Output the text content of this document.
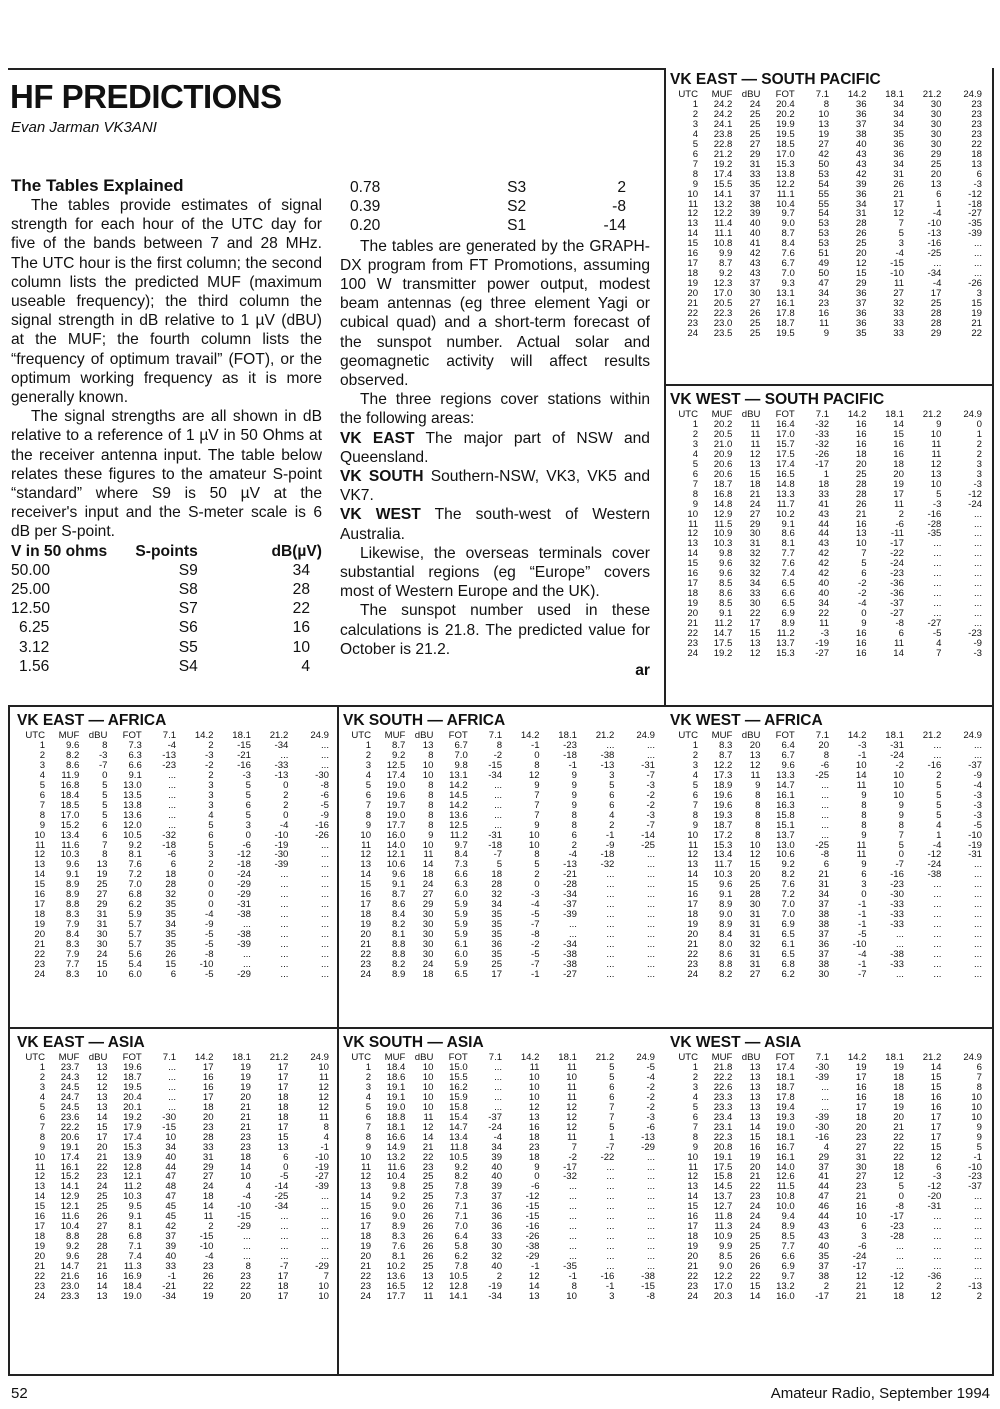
HF PREDICTIONS
Evan Jarman VK3ANI
The Tables Explained

The tables provide estimates of signal strength for each hour of the UTC day for five of the bands between 7 and 28 MHz. The UTC hour is the first column; the second column lists the predicted MUF (maximum useable frequency); the third column the signal strength in dB relative to 1 µV (dBU) at the MUF; the fourth column lists the “frequency of optimum travail” (FOT), or the optimum working frequency as it is more generally known.

The signal strengths are all shown in dB relative to a reference of 1 µV in 50 Ohms at the receiver antenna input. The table below relates these figures to the amateur S-point “standard” where S9 is 50 µV at the receiver's input and the S-meter scale is 6 dB per S-point.

V in 50 ohms	S-points	dB(µV)
50.00	S9	34
25.00	S8	28
12.50	S7	22
6.25	S6	16
3.12	S5	10
1.56	S4	4
0.78	S3	2
0.39	S2	-8
0.20	S1	-14

The tables are generated by the GRAPH-DX program from FT Promotions, assuming 100 W transmitter power output, modest beam antennas (eg three element Yagi or cubical quad) and a short-term forecast of the sunspot number. Actual solar and geomagnetic activity will affect results observed.

The three regions cover stations within the following areas:

VK EAST The major part of NSW and Queensland.

VK SOUTH Southern-NSW, VK3, VK5 and VK7.

VK WEST The south-west of Western Australia.

Likewise, the overseas terminals cover substantial regions (eg “Europe” covers most of Western Europe and the UK).

The sunspot number used in these calculations is 21.8. The predicted value for October is 21.2.

ar

VK EAST — SOUTH PACIFIC
UTC	MUF	dBU	FOT	7.1	14.2	18.1	21.2	24.9
1	24.2	24	20.4	8	36	34	30	23
2	24.2	25	20.2	10	36	34	30	23
3	24.1	25	19.9	13	37	34	30	23
4	23.8	25	19.5	19	38	35	30	23
5	22.8	27	18.5	27	40	36	30	22
6	21.2	29	17.0	42	43	36	29	18
7	19.2	31	15.3	50	43	34	25	13
8	17.4	33	13.8	53	42	31	20	6
9	15.5	35	12.2	54	39	26	13	-3
10	14.1	37	11.1	55	36	21	6	-12
11	13.2	38	10.4	55	34	17	1	-18
12	12.2	39	9.7	54	31	12	-4	-27
13	11.4	40	9.0	53	28	7	-10	-35
14	11.1	40	8.7	53	26	5	-13	-39
15	10.8	41	8.4	53	25	3	-16	...
16	9.9	42	7.6	51	20	-4	-25	...
17	8.7	43	6.7	49	12	-15	...	...
18	9.2	43	7.0	50	15	-10	-34	...
19	12.3	37	9.3	47	29	11	-4	-26
20	17.0	30	13.1	34	36	27	17	3
21	20.5	27	16.1	23	37	32	25	15
22	22.3	26	17.8	16	36	33	28	19
23	23.0	25	18.7	11	36	33	28	21
24	23.5	25	19.5	9	35	33	29	22
VK WEST — SOUTH PACIFIC
UTC	MUF	dBU	FOT	7.1	14.2	18.1	21.2	24.9
1	20.2	11	16.4	-32	16	14	9	0
2	20.5	11	17.0	-33	16	15	10	1
3	21.0	11	15.7	-32	16	16	11	2
4	20.9	12	17.5	-26	18	16	11	2
5	20.6	13	17.4	-17	20	18	12	3
6	20.6	15	16.5	1	25	20	13	3
7	18.7	18	14.8	18	28	19	10	-3
8	16.8	21	13.3	33	28	17	5	-12
9	14.8	24	11.7	41	26	11	-3	-24
10	12.9	27	10.2	43	21	2	-16	...
11	11.5	29	9.1	44	16	-6	-28	...
12	10.9	30	8.6	44	13	-11	-35	...
13	10.3	31	8.1	43	10	-17	...	...
14	9.8	32	7.7	42	7	-22	...	...
15	9.6	32	7.6	42	5	-24	...	...
16	9.6	32	7.4	42	6	-23	...	...
17	8.5	34	6.5	40	-2	-36	...	...
18	8.6	33	6.6	40	-2	-36	...	...
19	8.5	30	6.5	34	-4	-37	...	...
20	9.1	22	6.9	22	0	-27	...	...
21	11.2	17	8.9	11	9	-8	-27	...
22	14.7	15	11.2	-3	16	6	-5	-23
23	17.5	13	13.7	-19	16	11	4	-9
24	19.2	12	15.3	-27	16	14	7	-3
VK EAST — AFRICA
UTC	MUF	dBU	FOT	7.1	14.2	18.1	21.2	24.9
1	9.6	8	7.3	-4	2	-15	-34	...
2	8.2	-3	6.3	-13	-3	-21	...	...
3	8.6	-7	6.6	-23	-2	-16	-33	...
4	11.9	0	9.1	...	2	-3	-13	-30
5	16.8	5	13.0	...	3	5	0	-8
6	18.4	5	13.5	...	3	5	2	-6
7	18.5	5	13.8	...	3	6	2	-5
8	17.0	5	13.6	...	4	5	0	-9
9	15.2	6	12.0	...	5	3	-4	-16
10	13.4	6	10.5	-32	6	0	-10	-26
11	11.6	7	9.2	-18	5	-6	-19	...
12	10.3	8	8.1	-6	3	-12	-30	...
13	9.6	13	7.6	6	2	-18	-39	...
14	9.1	19	7.2	18	0	-24	...	...
15	8.9	25	7.0	28	0	-29	...	...
16	8.9	27	6.8	32	0	-29	...	...
17	8.8	29	6.2	35	0	-31	...	...
18	8.3	31	5.9	35	-4	-38	...	...
19	7.9	31	5.7	34	-9	...	...	...
20	8.4	30	5.7	35	-5	-38	...	...
21	8.3	30	5.7	35	-5	-39	...	...
22	7.9	24	5.6	26	-8	...	...	...
23	7.7	15	5.4	15	-10	...	...	...
24	8.3	10	6.0	6	-5	-29	...	...
VK SOUTH — AFRICA
UTC	MUF	dBU	FOT	7.1	14.2	18.1	21.2	24.9
1	8.7	13	6.7	8	-1	-23	...	...
2	9.2	8	7.0	-2	0	-18	-38	...
3	12.5	10	9.8	-15	8	-1	-13	-31
4	17.4	10	13.1	-34	12	9	3	-7
5	19.0	8	14.2	...	9	9	5	-3
6	19.6	8	14.5	...	7	9	6	-2
7	19.7	8	14.2	...	7	9	6	-2
8	19.0	8	13.6	...	7	8	4	-3
9	17.7	8	12.5	...	9	8	2	-7
10	16.0	9	11.2	-31	10	6	-1	-14
11	14.0	10	9.7	-18	10	2	-9	-25
12	12.1	11	8.4	-7	8	-4	-18	...
13	10.6	14	7.3	5	5	-13	-32	...
14	9.6	18	6.6	18	2	-21	...	...
15	9.1	24	6.3	28	0	-28	...	...
16	8.7	27	6.0	32	-3	-34	...	...
17	8.6	29	5.9	34	-4	-37	...	...
18	8.4	30	5.9	35	-5	-39	...	...
19	8.2	30	5.9	35	-7	...	...	...
20	8.1	30	5.9	35	-8	...	...	...
21	8.8	30	6.1	36	-2	-34	...	...
22	8.8	30	6.0	35	-5	-38	...	...
23	8.2	24	5.9	25	-7	-38	...	...
24	8.9	18	6.5	17	-1	-27	...	...
VK WEST — AFRICA
UTC	MUF	dBU	FOT	7.1	14.2	18.1	21.2	24.9
1	8.3	20	6.4	20	-3	-31	...	...
2	8.7	13	6.7	8	-1	-24	...	...
3	12.2	12	9.6	-6	10	-2	-16	-37
4	17.3	11	13.3	-25	14	10	2	-9
5	18.9	9	14.7	...	11	10	5	-4
6	19.6	8	16.1	...	9	10	5	-3
7	19.6	8	16.3	...	8	9	5	-3
8	19.3	8	15.8	...	8	9	5	-3
9	18.7	8	15.1	...	8	8	4	-5
10	17.2	8	13.7	...	9	7	1	-10
11	15.3	10	13.0	-25	11	5	-4	-19
12	13.4	12	10.6	-8	11	0	-12	-31
13	11.7	15	9.2	6	9	-7	-24	...
14	10.3	20	8.2	21	6	-16	-38	...
15	9.6	25	7.6	31	3	-23	...	...
16	9.1	28	7.2	34	0	-30	...	...
17	8.9	30	7.0	37	-1	-33	...	...
18	9.0	31	7.0	38	-1	-33	...	...
19	8.9	31	6.9	38	-1	-33	...	...
20	8.4	31	6.5	37	-5	...	...	...
21	8.0	32	6.1	36	-10	...	...	...
22	8.6	31	6.5	37	-4	-38	...	...
23	8.8	31	6.8	38	-1	-33	...	...
24	8.2	27	6.2	30	-7	...	...	...
VK EAST — ASIA
UTC	MUF	dBU	FOT	7.1	14.2	18.1	21.2	24.9
1	23.7	13	19.6	...	17	19	17	10
2	24.3	12	18.7	...	16	19	17	11
3	24.5	12	19.5	...	16	19	17	12
4	24.7	13	20.4	...	17	20	18	12
5	24.5	13	20.1	...	18	21	18	12
6	23.6	14	19.2	-30	20	21	18	11
7	22.2	15	17.9	-15	23	21	17	8
8	20.6	17	17.4	10	28	23	15	4
9	19.1	20	15.3	34	33	23	13	-1
10	17.4	21	13.9	40	31	18	6	-10
11	16.1	22	12.8	44	29	14	0	-19
12	15.2	23	12.1	47	27	10	-5	-27
13	14.1	24	11.2	48	24	4	-14	-39
14	12.9	25	10.3	47	18	-4	-25	...
15	12.1	25	9.5	45	14	-10	-34	...
16	11.6	26	9.1	45	11	-15	...	...
17	10.4	27	8.1	42	2	-29	...	...
18	8.8	28	6.8	37	-15	...	...	...
19	9.2	28	7.1	39	-10	...	...	...
20	9.6	28	7.4	40	-4	...	...	...
21	14.7	21	11.3	33	23	8	-7	-29
22	21.6	16	16.9	-1	26	23	17	7
23	23.0	14	18.4	-21	22	22	18	10
24	23.3	13	19.0	-34	19	20	17	10
VK SOUTH — ASIA
UTC	MUF	dBU	FOT	7.1	14.2	18.1	21.2	24.9
1	18.4	10	15.0	...	11	11	5	-5
2	18.6	10	15.5	...	10	10	5	-4
3	19.1	10	16.2	...	10	11	6	-2
4	19.1	10	15.9	...	10	11	6	-2
5	19.0	10	15.8	...	12	12	7	-2
6	18.8	11	15.4	-37	13	12	7	-3
7	18.1	12	14.7	-24	16	12	5	-6
8	16.6	14	13.4	-4	18	11	1	-13
9	14.9	21	11.8	34	23	7	-7	-29
10	13.2	22	10.5	39	18	-2	-22	...
11	11.6	23	9.2	40	9	-17	...	...
12	10.4	25	8.2	40	0	-32	...	...
13	9.8	25	7.8	39	-6	...	...	...
14	9.2	25	7.3	37	-12	...	...	...
15	9.0	26	7.1	36	-15	...	...	...
16	9.0	26	7.1	36	-15	...	...	...
17	8.9	26	7.0	36	-16	...	...	...
18	8.3	26	6.4	33	-26	...	...	...
19	7.6	26	5.8	30	-38	...	...	...
20	8.1	26	6.2	32	-29	...	...	...
21	10.2	25	7.8	40	-1	-35	...	...
22	13.6	13	10.5	2	12	-1	-16	-38
23	16.5	12	12.8	-19	14	8	-1	-15
24	17.7	11	14.1	-34	13	10	3	-8
VK WEST — ASIA
UTC	MUF	dBU	FOT	7.1	14.2	18.1	21.2	24.9
1	21.8	13	17.4	-30	19	19	14	6
2	22.2	13	18.1	-39	17	18	15	7
3	22.6	13	18.7	...	16	18	15	8
4	23.3	13	17.8	...	16	18	16	10
5	23.3	13	19.4	...	17	19	16	10
6	23.4	13	19.3	-39	18	20	17	10
7	23.1	14	19.0	-30	20	21	17	9
8	22.3	15	18.1	-16	23	22	17	9
9	20.8	16	16.7	4	27	22	15	5
10	19.1	19	16.1	29	31	22	12	-1
11	17.5	20	14.0	37	30	18	6	-10
12	15.8	21	12.6	41	27	12	-3	-23
13	14.5	22	11.5	44	23	5	-12	-37
14	13.7	23	10.8	47	21	0	-20	...
15	12.7	24	10.0	46	16	-8	-31	...
16	11.8	24	9.4	44	10	-17	...	...
17	11.3	24	8.9	43	6	-23	...	...
18	10.9	25	8.5	43	3	-28	...	...
19	9.9	25	7.7	40	-6	...	...	...
20	8.5	26	6.6	35	-24	...	...	...
21	9.0	26	6.9	37	-17	...	...	...
22	12.2	22	9.7	38	12	-12	-36	...
23	17.0	15	13.2	2	21	12	2	-13
24	20.3	14	16.0	-17	21	18	12	2
52	Amateur Radio, September 1994
